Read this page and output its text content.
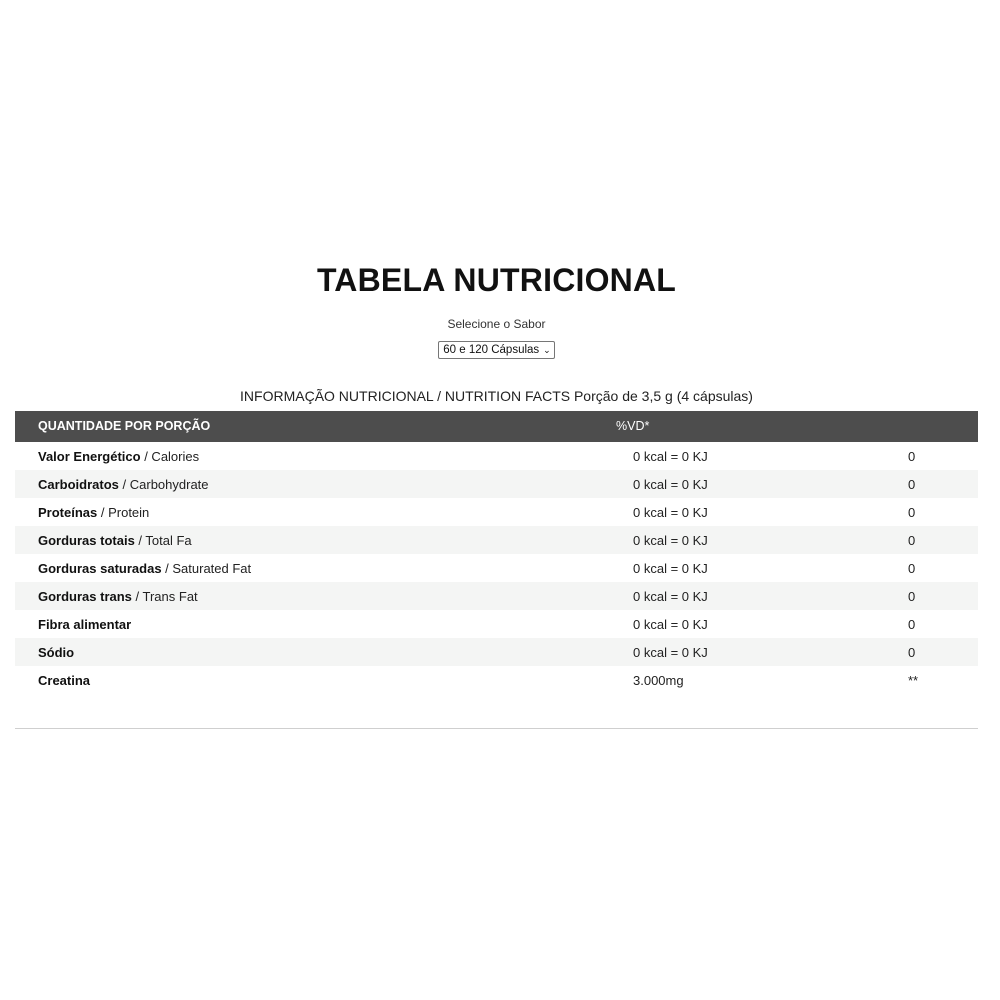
TABELA NUTRICIONAL
Selecione o Sabor
60 e 120 Cápsulas ⌄
INFORMAÇÃO NUTRICIONAL / NUTRITION FACTS Porção de 3,5 g (4 cápsulas)
QUANTIDADE POR PORÇÃO	%VD*
Valor Energético / Calories	0 kcal = 0 KJ	0
Carboidratos / Carbohydrate	0 kcal = 0 KJ	0
Proteínas / Protein	0 kcal = 0 KJ	0
Gorduras totais / Total Fa	0 kcal = 0 KJ	0
Gorduras saturadas / Saturated Fat	0 kcal = 0 KJ	0
Gorduras trans / Trans Fat	0 kcal = 0 KJ	0
Fibra alimentar	0 kcal = 0 KJ	0
Sódio	0 kcal = 0 KJ	0
Creatina	3.000mg	**
